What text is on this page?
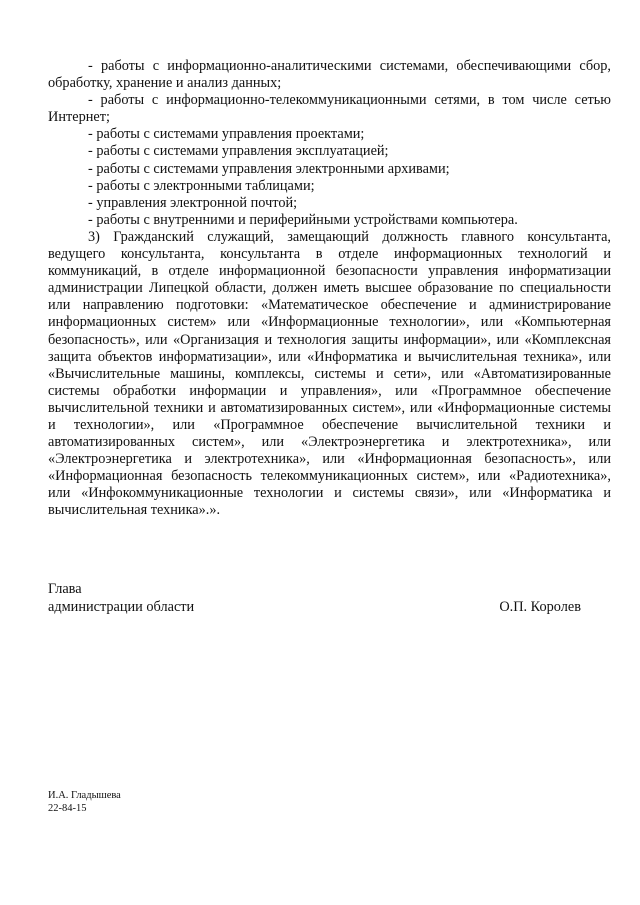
- работы с информационно-аналитическими системами, обеспечивающими сбор, обработку, хранение и анализ данных;

- работы с информационно-телекоммуникационными сетями, в том числе сетью Интернет;

- работы с системами управления проектами;

- работы с системами управления эксплуатацией;

- работы с системами управления электронными архивами;

- работы с электронными таблицами;

- управления электронной почтой;

- работы с внутренними и периферийными устройствами компьютера.

3) Гражданский служащий, замещающий должность главного консультанта, ведущего консультанта, консультанта в отделе информационных технологий и коммуникаций, в отделе информационной безопасности управления информатизации администрации Липецкой области, должен иметь высшее образование по специальности или направлению подготовки: «Математическое обеспечение и администрирование информационных систем» или «Информационные технологии», или «Компьютерная безопасность», или «Организация и технология защиты информации», или «Комплексная защита объектов информатизации», или «Информатика и вычислительная техника», или «Вычислительные машины, комплексы, системы и сети», или «Автоматизированные системы обработки информации и управления», или «Программное обеспечение вычислительной техники и автоматизированных систем», или «Информационные системы и технологии», или «Программное обеспечение вычислительной техники и автоматизированных систем», или «Электроэнергетика и электротехника», или «Электроэнергетика и электротехника», или «Информационная безопасность», или «Информационная безопасность телекоммуникационных систем», или «Радиотехника», или «Инфокоммуникационные технологии и системы связи», или «Информатика и вычислительная техника».».

Глава
администрации области	О.П. Королев
И.А. Гладышева
22-84-15
